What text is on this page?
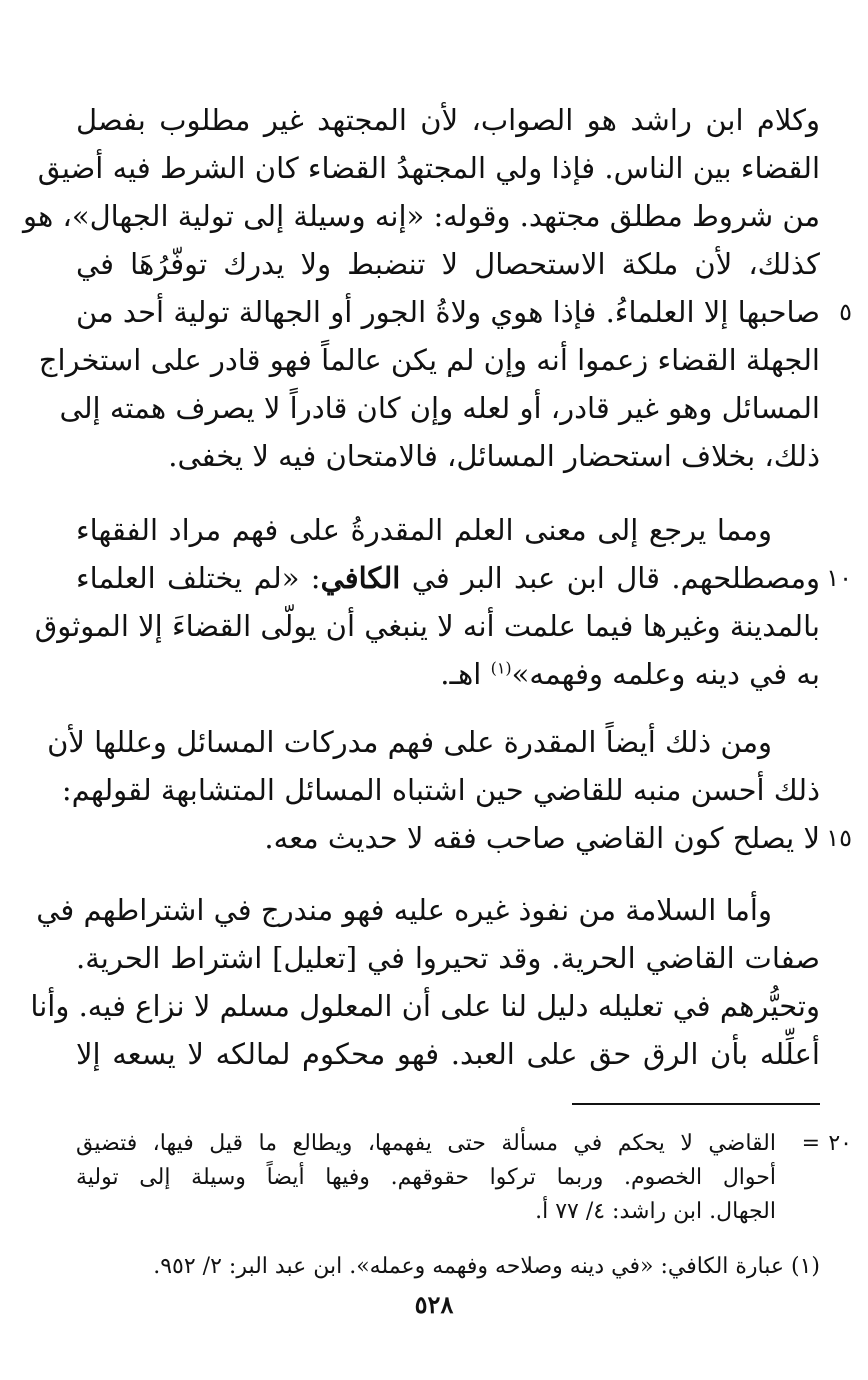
وكلام ابن راشد هو الصواب، لأن المجتهد غير مطلوب بفصل
القضاء بين الناس. فإذا ولي المجتهدُ القضاء كان الشرط فيه أضيق
من شروط مطلق مجتهد. وقوله: «إنه وسيلة إلى تولية الجهال»، هو
كذلك، لأن ملكة الاستحصال لا تنضبط ولا يدرك توفّرُهَا في
صاحبها إلا العلماءُ. فإذا هوي ولاةُ الجور أو الجهالة تولية أحد من
الجهلة القضاء زعموا أنه وإن لم يكن عالماً فهو قادر على استخراج
المسائل وهو غير قادر، أو لعله وإن كان قادراً لا يصرف همته إلى
ذلك، بخلاف استحضار المسائل، فالامتحان فيه لا يخفى.
٥
ومما يرجع إلى معنى العلم المقدرةُ على فهم مراد الفقهاء
ومصطلحهم. قال ابن عبد البر في الكافي: «لم يختلف العلماء
بالمدينة وغيرها فيما علمت أنه لا ينبغي أن يولّى القضاءَ إلا الموثوق
به في دينه وعلمه وفهمه»$^{(١)}$ اهـ.
١٠
ومن ذلك أيضاً المقدرة على فهم مدركات المسائل وعللها لأن
ذلك أحسن منبه للقاضي حين اشتباه المسائل المتشابهة لقولهم:
لا يصلح كون القاضي صاحب فقه لا حديث معه. ١٥
وأما السلامة من نفوذ غيره عليه فهو مندرج في اشتراطهم في
صفات القاضي الحرية. وقد تحيروا في [تعليل] اشتراط الحرية.
وتحيُّرهم في تعليله دليل لنا على أن المعلول مسلم لا نزاع فيه. وأنا
أعلِّله بأن الرق حق على العبد. فهو محكوم لمالكه لا يسعه إلا
٢٠
=
القاضي لا يحكم في مسألة حتى يفهمها، ويطالع ما قيل فيها، فتضيق
أحوال الخصوم. وربما تركوا حقوقهم. وفيها أيضاً وسيلة إلى تولية
الجهال. ابن راشد: ٤/ ٧٧ أ.
(١) عبارة الكافي: «في دينه وصلاحه وفهمه وعمله». ابن عبد البر: ٢/ ٩٥٢.
٥٢٨
